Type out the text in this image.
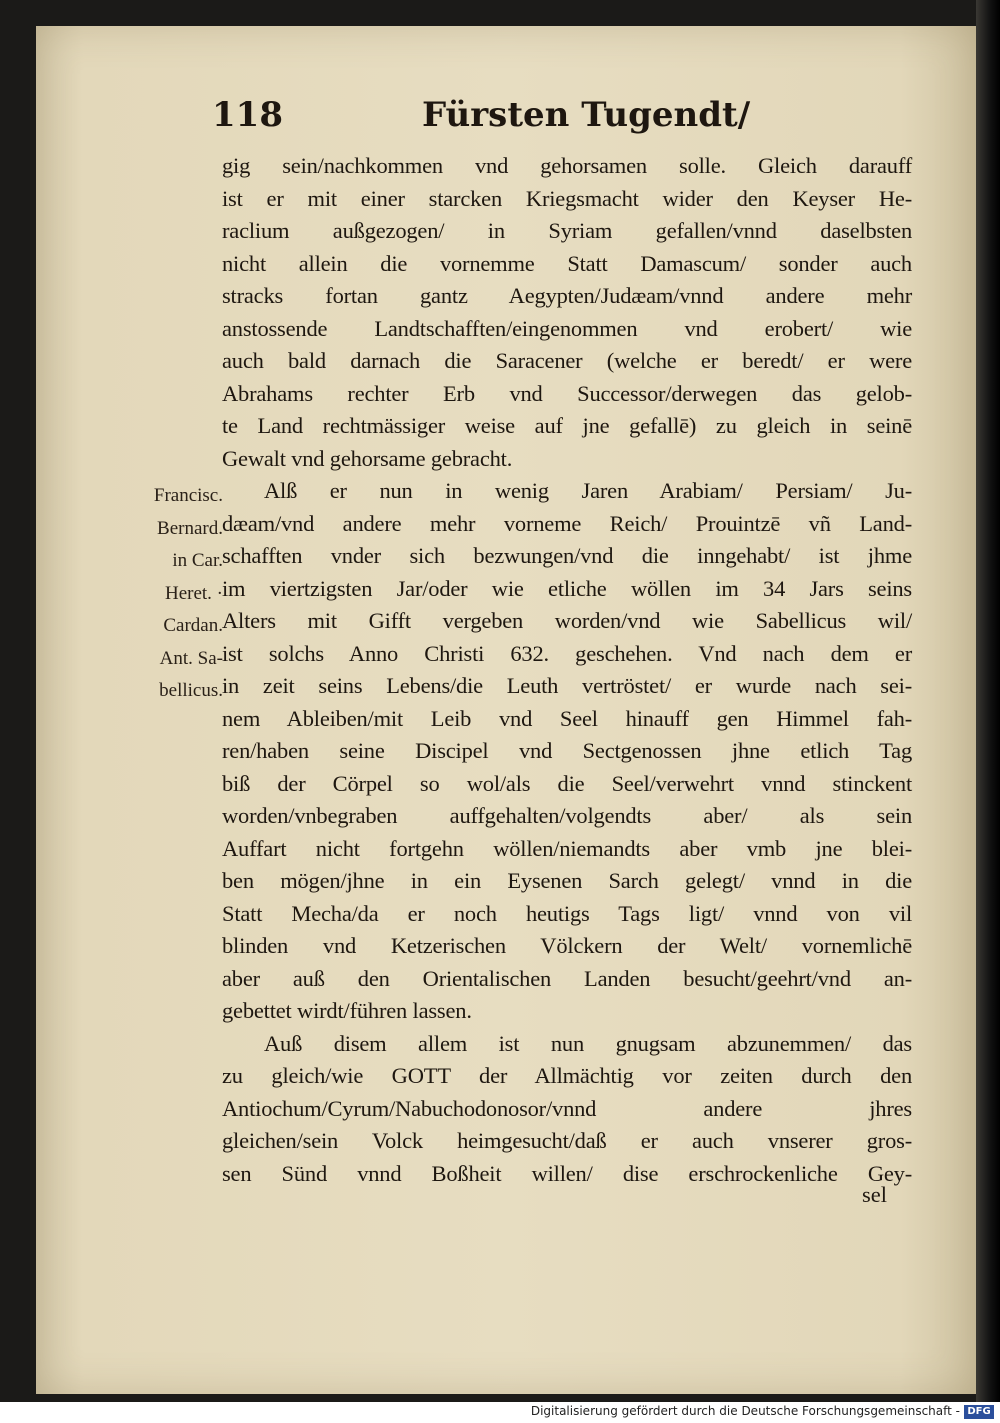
118	Fürsten Tugendt/
Francisc.
Bernard.
in Car.
Heret. ·
Cardan.
Ant. Sa-
bellicus.
gig sein/nachkommen vnd gehorsamen solle. Gleich darauff
ist er mit einer starcken Kriegsmacht wider den Keyser He-
raclium außgezogen/ in Syriam gefallen/vnnd daselbsten
nicht allein die vornemme Statt Damascum/ sonder auch
stracks fortan gantz Aegypten/Judæam/vnnd andere mehr
anstossende Landtschafften/eingenommen vnd erobert/ wie
auch bald darnach die Saracener (welche er beredt/ er were
Abrahams rechter Erb vnd Successor/derwegen das gelob-
te Land rechtmässiger weise auf jne gefallē) zu gleich in seinē
Gewalt vnd gehorsame gebracht.
Alß er nun in wenig Jaren Arabiam/ Persiam/ Ju-
dæam/vnd andere mehr vorneme Reich/ Prouintzē vñ Land-
schafften vnder sich bezwungen/vnd die inngehabt/ ist jhme
im viertzigsten Jar/oder wie etliche wöllen im 34 Jars seins
Alters mit Gifft vergeben worden/vnd wie Sabellicus wil/
ist solchs Anno Christi 632. geschehen. Vnd nach dem er
in zeit seins Lebens/die Leuth vertröstet/ er wurde nach sei-
nem Ableiben/mit Leib vnd Seel hinauff gen Himmel fah-
ren/haben seine Discipel vnd Sectgenossen jhne etlich Tag
biß der Cörpel so wol/als die Seel/verwehrt vnnd stinckent
worden/vnbegraben auffgehalten/volgendts aber/ als sein
Auffart nicht fortgehn wöllen/niemandts aber vmb jne blei-
ben mögen/jhne in ein Eysenen Sarch gelegt/ vnnd in die
Statt Mecha/da er noch heutigs Tags ligt/ vnnd von vil
blinden vnd Ketzerischen Völckern der Welt/ vornemlichē
aber auß den Orientalischen Landen besucht/geehrt/vnd an-
gebettet wirdt/führen lassen.
Auß disem allem ist nun gnugsam abzunemmen/ das
zu gleich/wie GOTT der Allmächtig vor zeiten durch den
Antiochum/Cyrum/Nabuchodonosor/vnnd andere jhres
gleichen/sein Volck heimgesucht/daß er auch vnserer gros-
sen Sünd vnnd Boßheit willen/ dise erschrockenliche Gey-
sel
Digitalisierung gefördert durch die Deutsche Forschungsgemeinschaft - DFG
